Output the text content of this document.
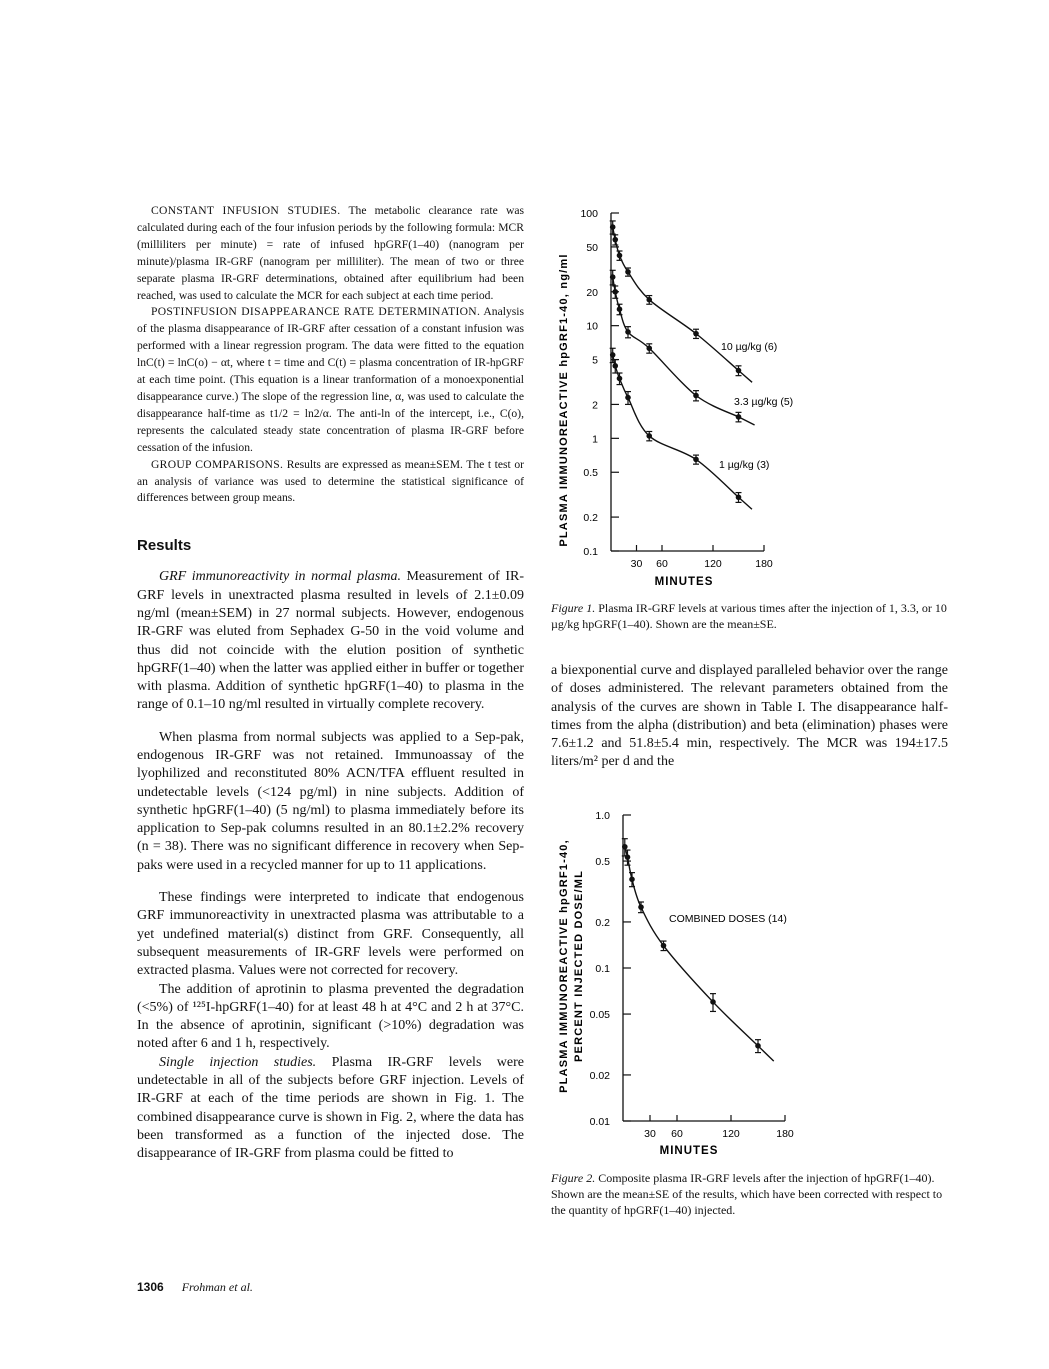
CONSTANT INFUSION STUDIES. The metabolic clearance rate was calculated during each of the four infusion periods by the following formula: MCR (milliliters per minute) = rate of infused hpGRF(1–40) (nanogram per minute)/plasma IR-GRF (nanogram per milliliter). The mean of two or three separate plasma IR-GRF determinations, obtained after equilibrium had been reached, was used to calculate the MCR for each subject at each time period.

POSTINFUSION DISAPPEARANCE RATE DETERMINATION. Analysis of the plasma disappearance of IR-GRF after cessation of a constant infusion was performed with a linear regression program. The data were fitted to the equation lnC(t) = lnC(o) − αt, where t = time and C(t) = plasma concentration of IR-hpGRF at each time point. (This equation is a linear tranformation of a monoexponential disappearance curve.) The slope of the regression line, α, was used to calculate the disappearance half-time as t1/2 = ln2/α. The anti-ln of the intercept, i.e., C(o), represents the calculated steady state concentration of plasma IR-GRF before cessation of the infusion.

GROUP COMPARISONS. Results are expressed as mean±SEM. The t test or an analysis of variance was used to determine the statistical significance of differences between group means.

Results

GRF immunoreactivity in normal plasma. Measurement of IR-GRF levels in unextracted plasma resulted in levels of 2.1±0.09 ng/ml (mean±SEM) in 27 normal subjects. However, endogenous IR-GRF was eluted from Sephadex G-50 in the void volume and thus did not coincide with the elution position of synthetic hpGRF(1–40) when the latter was applied either in buffer or together with plasma. Addition of synthetic hpGRF(1–40) to plasma in the range of 0.1–10 ng/ml resulted in virtually complete recovery.

When plasma from normal subjects was applied to a Sep-pak, endogenous IR-GRF was not retained. Immunoassay of the lyophilized and reconstituted 80% ACN/TFA effluent resulted in undetectable levels (<124 pg/ml) in nine subjects. Addition of synthetic hpGRF(1–40) (5 ng/ml) to plasma immediately before its application to Sep-pak columns resulted in an 80.1±2.2% recovery (n = 38). There was no significant difference in recovery when Sep-paks were used in a recycled manner for up to 11 applications.

These findings were interpreted to indicate that endogenous GRF immunoreactivity in unextracted plasma was attributable to a yet undefined material(s) distinct from GRF. Consequently, all subsequent measurements of IR-GRF levels were performed on extracted plasma. Values were not corrected for recovery.

The addition of aprotinin to plasma prevented the degradation (<5%) of ¹²⁵I-hpGRF(1–40) for at least 48 h at 4°C and 2 h at 37°C. In the absence of aprotinin, significant (>10%) degradation was noted after 6 and 1 h, respectively.

Single injection studies. Plasma IR-GRF levels were undetectable in all of the subjects before GRF injection. Levels of IR-GRF at each of the time periods are shown in Fig. 1. The combined disappearance curve is shown in Fig. 2, where the data has been transformed as a function of the injected dose. The disappearance of IR-GRF from plasma could be fitted to

PLASMA IMMUNOREACTIVE hpGRF1-40, ng/ml
0.1
0.2
0.5
1
2
5
10
20
50
100
30 60	120	180
10 µg/kg (6)
3.3 µg/kg (5)
1 µg/kg (3)
MINUTES
Figure 1. Plasma IR-GRF levels at various times after the injection of 1, 3.3, or 10 µg/kg hpGRF(1–40). Shown are the mean±SE.

a biexponential curve and displayed paralleled behavior over the range of doses administered. The relevant parameters obtained from the analysis of the curves are shown in Table I. The disappearance half-times from the alpha (distribution) and beta (elimination) phases were 7.6±1.2 and 51.8±5.4 min, respectively. The MCR was 194±17.5 liters/m² per d and the

PLASMA IMMUNOREACTIVE hpGRF1-40, PERCENT INJECTED DOSE/ML
0.01
0.02
0.05
0.1
0.2
0.5
1.0
30 60	120	180
COMBINED DOSES (14)
MINUTES
Figure 2. Composite plasma IR-GRF levels after the injection of hpGRF(1–40). Shown are the mean±SE of the results, which have been corrected with respect to the quantity of hpGRF(1–40) injected.
1306 Frohman et al.
